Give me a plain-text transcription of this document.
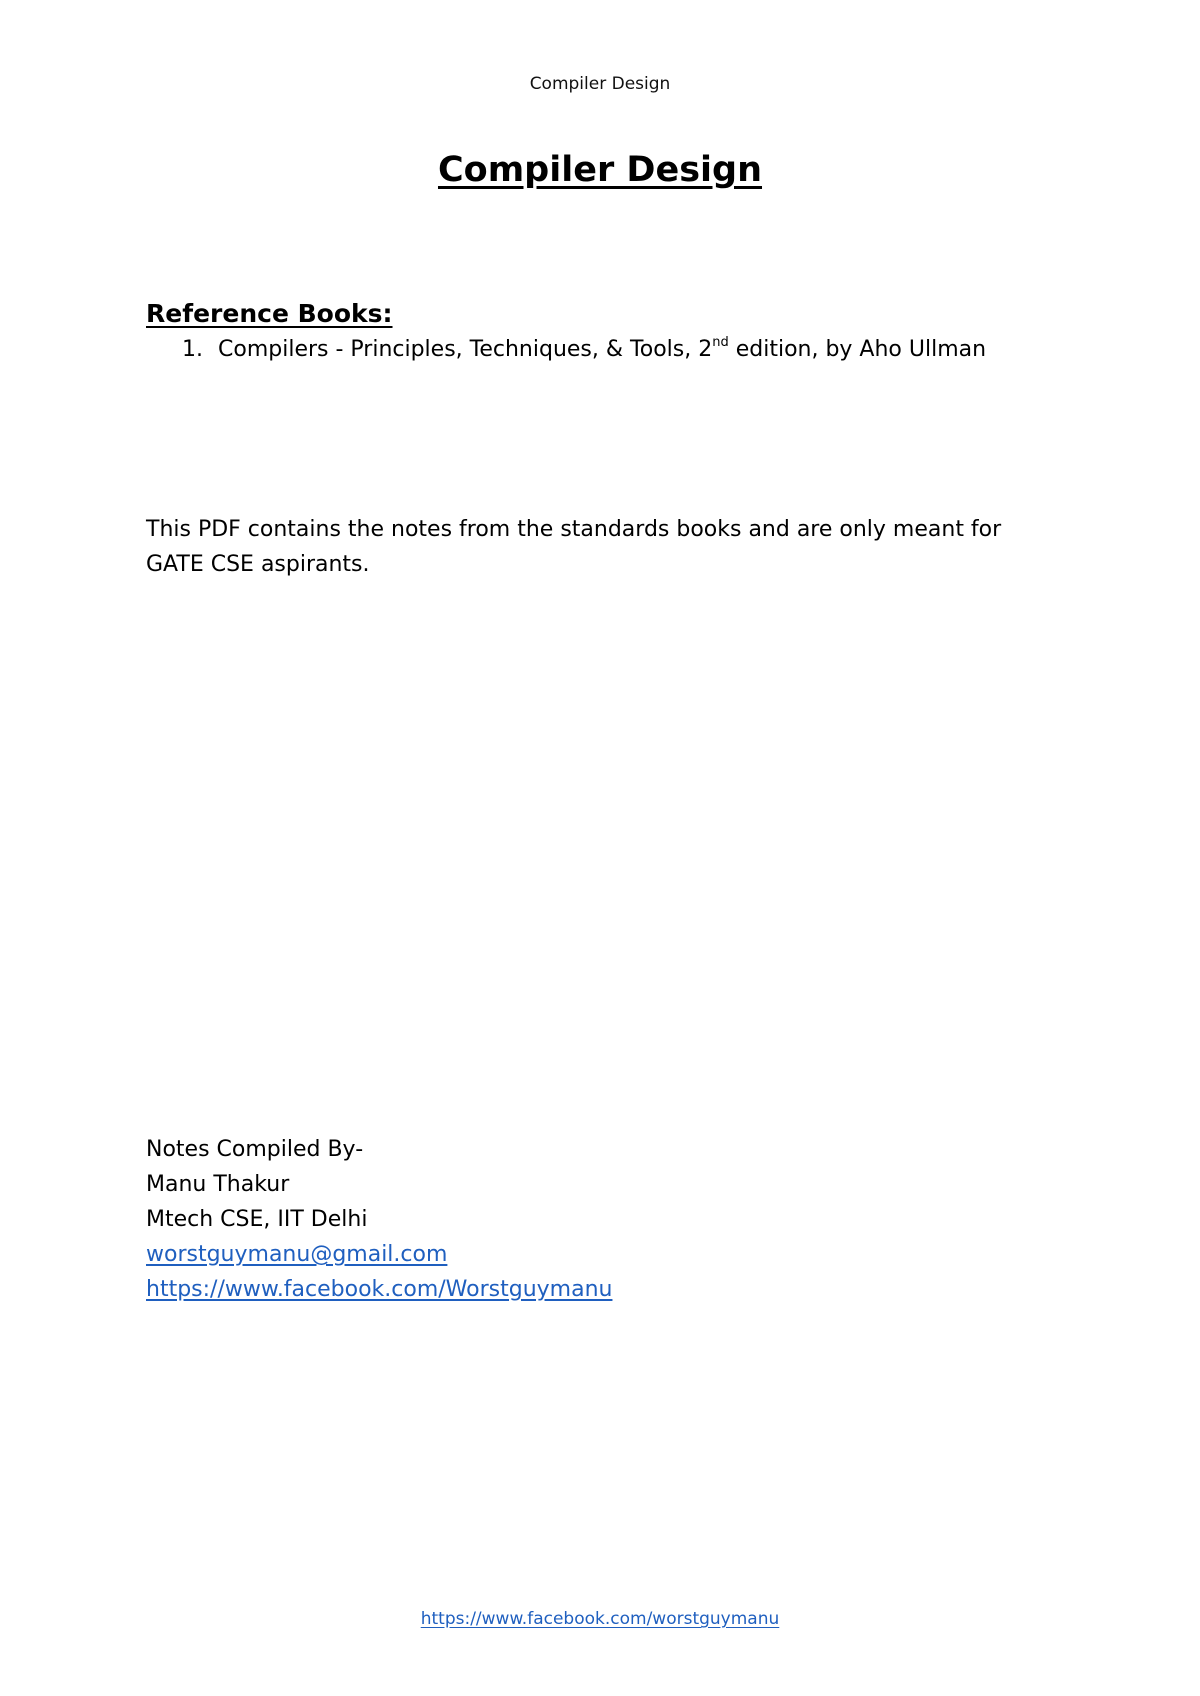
Compiler Design
Compiler Design
Reference Books:
1. Compilers - Principles, Techniques, & Tools, 2nd edition, by Aho Ullman

This PDF contains the notes from the standards books and are only meant for

GATE CSE aspirants.

Notes Compiled By-
Manu Thakur
Mtech CSE, IIT Delhi
worstguymanu@gmail.com
https://www.facebook.com/Worstguymanu
https://www.facebook.com/worstguymanu
